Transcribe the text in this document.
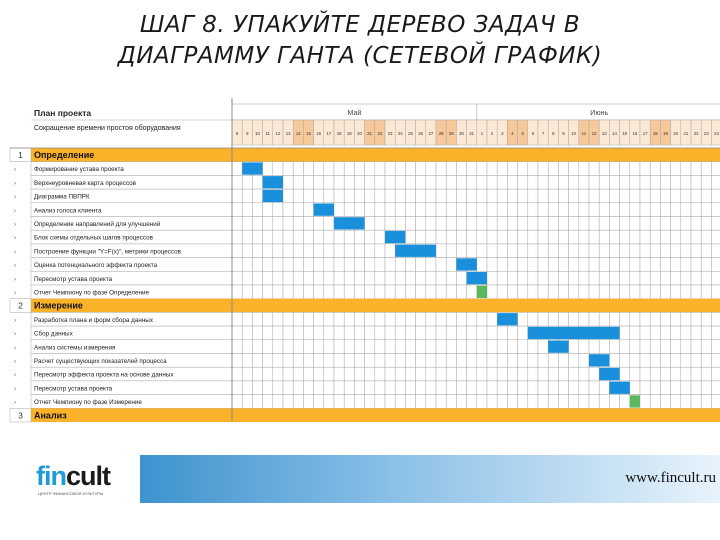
ШАГ 8. УПАКУЙТЕ ДЕРЕВО ЗАДАЧ В
ДИАГРАММУ ГАНТА (СЕТЕВОЙ ГРАФИК)
План проекта
Сокращение времени простоя оборудования
Май	Июнь
8 9 10 11 12 13 14 15 16 17 18 19 20 21 22 23 24 25 26 27 28 29 30 31 1 2 3 4 5 6 7 8 9 10 11 12 13 14 15 16 17 18 19 20 21 22 23 24
1 Определение
Формирование устава проекта
›
Верхнеуровневая карта процессов
›
Диаграмма ПВПРК
›
Анализ голоса клиента
›
Определение направлений для улучшений
›
Блок схемы отдельных шагов процессов
›
Построение функции "Y=F(x)", метрики процессов
›
Оценка потенциального эффекта проекта
›
Пересмотр устава проекта
›
Отчет Чемпиону по фазе Определение
›
2 Измерение
Разработка плана и форм сбора данных
›
Сбор данных
›
Анализ системы измерения
›
Расчет существующих показателей процесса
›
Пересмотр эффекта проекта на основе данных
›
Пересмотр устава проекта
›
Отчет Чемпиону по фазе Измерение
›
3 Анализ
fincult
ЦЕНТР ФИНАНСОВОЙ КУЛЬТУРЫ
www.fincult.ru
